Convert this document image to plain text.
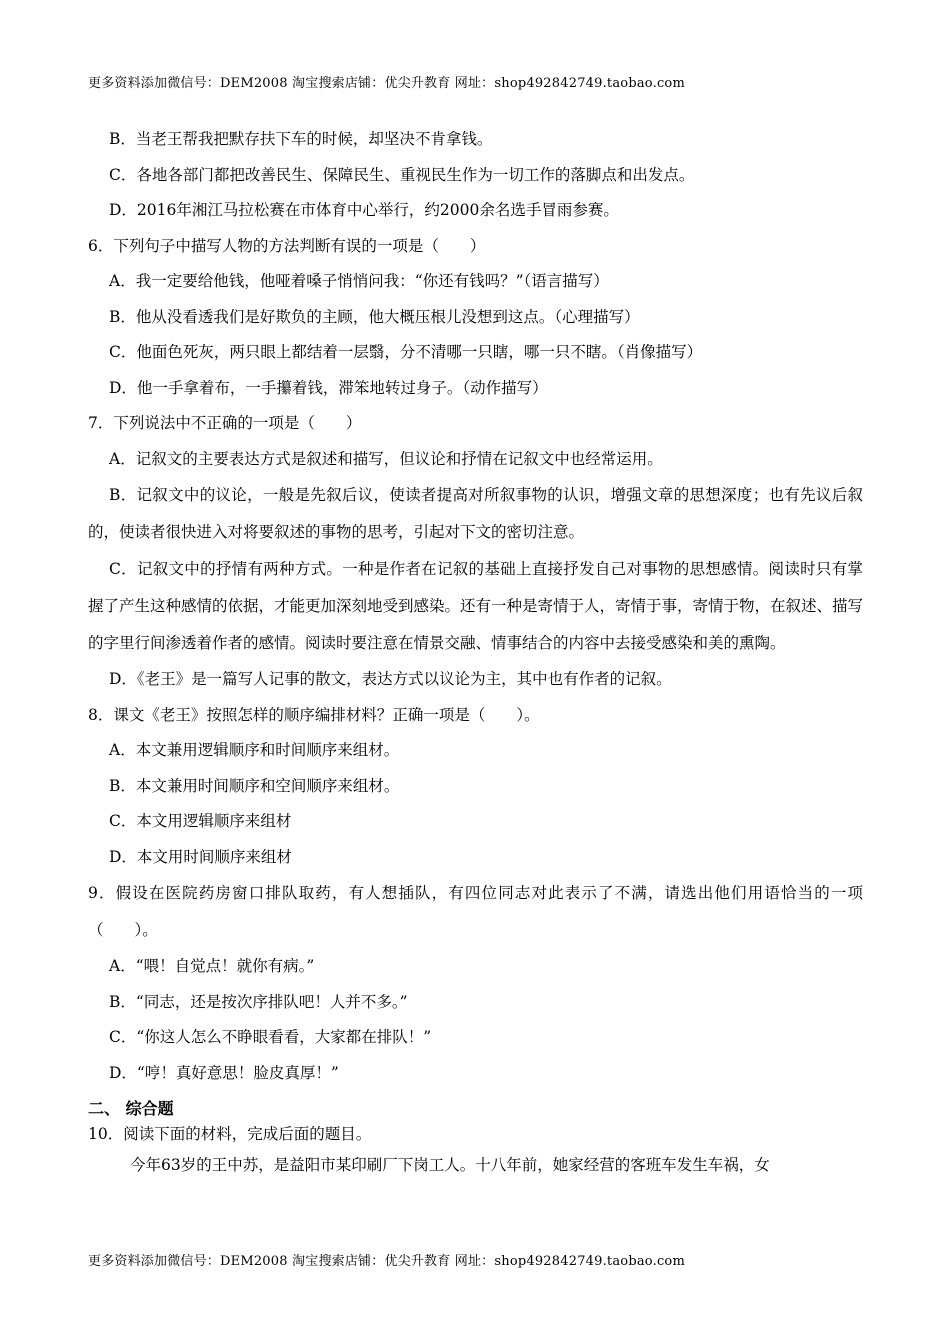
更多资料添加微信号：DEM2008 淘宝搜索店铺：优尖升教育 网址：shop492842749.taobao.com
B．当老王帮我把默存扶下车的时候，却坚决不肯拿钱。
C．各地各部门都把改善民生、保障民生、重视民生作为一切工作的落脚点和出发点。
D．2016年湘江马拉松赛在市体育中心举行，约2000余名选手冒雨参赛。
6．下列句子中描写人物的方法判断有误的一项是（　　）
A．我一定要给他钱，他哑着嗓子悄悄问我：“你还有钱吗？”（语言描写）
B．他从没看透我们是好欺负的主顾，他大概压根儿没想到这点。（心理描写）
C．他面色死灰，两只眼上都结着一层翳，分不清哪一只瞎，哪一只不瞎。（肖像描写）
D．他一手拿着布，一手攥着钱，滞笨地转过身子。（动作描写）
7．下列说法中不正确的一项是（　　）
A．记叙文的主要表达方式是叙述和描写，但议论和抒情在记叙文中也经常运用。
B．记叙文中的议论，一般是先叙后议，使读者提高对所叙事物的认识，增强文章的思想深度；也有先议后叙的，使读者很快进入对将要叙述的事物的思考，引起对下文的密切注意。
C．记叙文中的抒情有两种方式。一种是作者在记叙的基础上直接抒发自己对事物的思想感情。阅读时只有掌握了产生这种感情的依据，才能更加深刻地受到感染。还有一种是寄情于人，寄情于事，寄情于物，在叙述、描写的字里行间渗透着作者的感情。阅读时要注意在情景交融、情事结合的内容中去接受感染和美的熏陶。
D．《老王》是一篇写人记事的散文，表达方式以议论为主，其中也有作者的记叙。
8．课文《老王》按照怎样的顺序编排材料？正确一项是（　　）。
A．本文兼用逻辑顺序和时间顺序来组材。
B．本文兼用时间顺序和空间顺序来组材。
C．本文用逻辑顺序来组材
D．本文用时间顺序来组材
9．假设在医院药房窗口排队取药，有人想插队，有四位同志对此表示了不满，请选出他们用语恰当的一项（　　）。
A．“喂！自觉点！就你有病。”
B．“同志，还是按次序排队吧！人并不多。”
C．“你这人怎么不睁眼看看，大家都在排队！”
D．“哼！真好意思！脸皮真厚！”
二、 综合题
10．阅读下面的材料，完成后面的题目。
今年63岁的王中苏，是益阳市某印刷厂下岗工人。十八年前，她家经营的客班车发生车祸，女
更多资料添加微信号：DEM2008 淘宝搜索店铺：优尖升教育 网址：shop492842749.taobao.com
